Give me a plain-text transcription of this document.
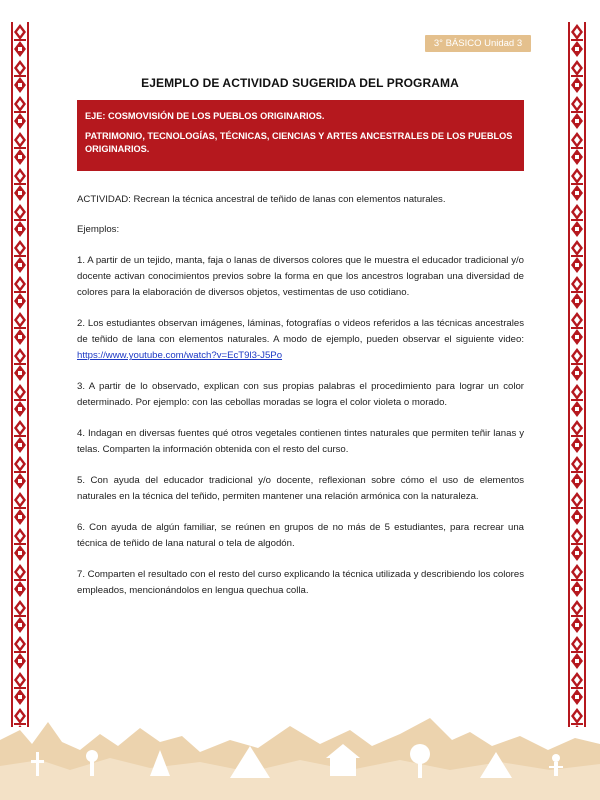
3° BÁSICO Unidad 3
EJEMPLO DE ACTIVIDAD SUGERIDA DEL PROGRAMA
EJE: COSMOVISIÓN DE LOS PUEBLOS ORIGINARIOS.
PATRIMONIO, TECNOLOGÍAS, TÉCNICAS, CIENCIAS Y ARTES ANCESTRALES DE LOS PUEBLOS ORIGINARIOS.

ACTIVIDAD: Recrean la técnica ancestral de teñido de lanas con elementos naturales.

Ejemplos:

1. A partir de un tejido, manta, faja o lanas de diversos colores que le muestra el educador tradicional y/o docente activan conocimientos previos sobre la forma en que los ancestros lograban una diversidad de colores para la elaboración de diversos objetos, vestimentas de uso cotidiano.

2. Los estudiantes observan imágenes, láminas, fotografías o videos referidos a las técnicas ancestrales de teñido de lana con elementos naturales. A modo de ejemplo, pueden observar el siguiente video: https://www.youtube.com/watch?v=EcT9l3-J5Po

3. A partir de lo observado, explican con sus propias palabras el procedimiento para lograr un color determinado. Por ejemplo: con las cebollas moradas se logra el color violeta o morado.

4. Indagan en diversas fuentes qué otros vegetales contienen tintes naturales que permiten teñir lanas y telas. Comparten la información obtenida con el resto del curso.

5. Con ayuda del educador tradicional y/o docente, reflexionan sobre cómo el uso de elementos naturales en la técnica del teñido, permiten mantener una relación armónica con la naturaleza.

6. Con ayuda de algún familiar, se reúnen en grupos de no más de 5 estudiantes, para recrear una técnica de teñido de lana natural o tela de algodón.

7. Comparten el resultado con el resto del curso explicando la técnica utilizada y describiendo los colores empleados, mencionándolos en lengua quechua colla.
